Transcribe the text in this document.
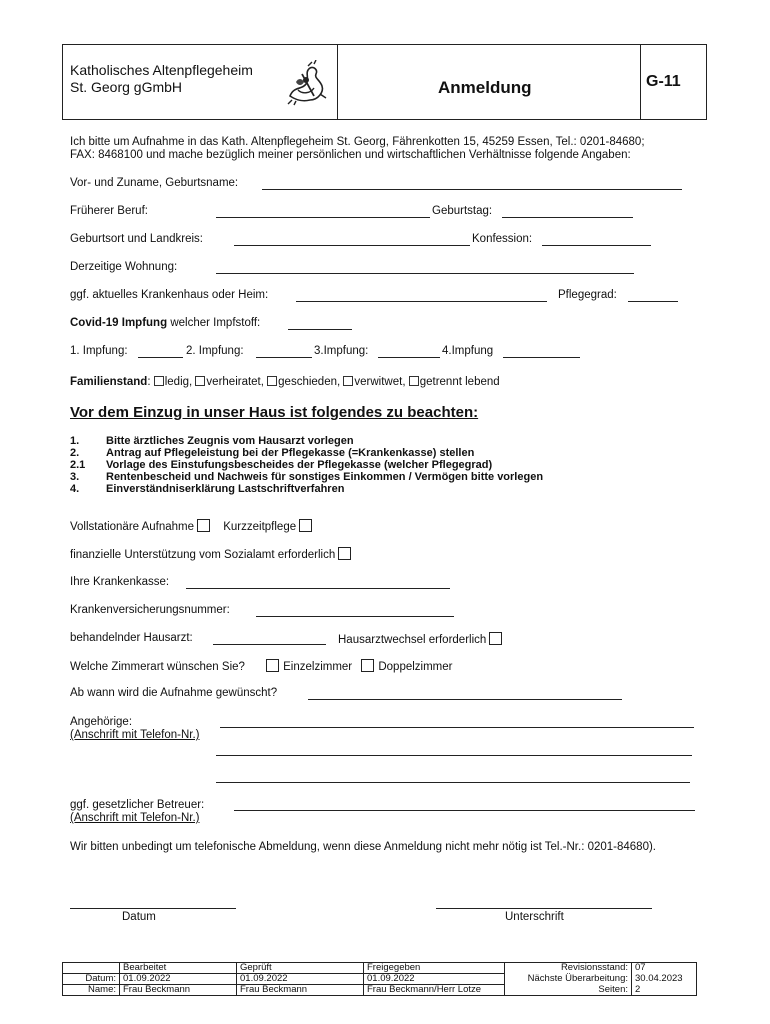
Katholisches Altenpflegeheim
St. Georg gGmbH	Anmeldung	G-11
Ich bitte um Aufnahme in das Kath. Altenpflegeheim St. Georg, Fährenkotten 15, 45259 Essen, Tel.: 0201-84680;
FAX: 8468100 und mache bezüglich meiner persönlichen und wirtschaftlichen Verhältnisse folgende Angaben:
Vor- und Zuname, Geburtsname:
Früherer Beruf:	Geburtstag:
Geburtsort und Landkreis:	Konfession:
Derzeitige Wohnung:
ggf. aktuelles Krankenhaus oder Heim:	Pflegegrad:
Covid-19 Impfung welcher Impfstoff:
1. Impfung:	2. Impfung:	3.Impfung:	4.Impfung
Familienstand: ledig, verheiratet, geschieden, verwitwet, getrennt lebend
Vor dem Einzug in unser Haus ist folgendes zu beachten:
1. Bitte ärztliches Zeugnis vom Hausarzt vorlegen
2. Antrag auf Pflegeleistung bei der Pflegekasse (=Krankenkasse) stellen
2.1 Vorlage des Einstufungsbescheides der Pflegekasse (welcher Pflegegrad)
3. Rentenbescheid und Nachweis für sonstiges Einkommen / Vermögen bitte vorlegen
4. Einverständniserklärung Lastschriftverfahren
Vollstationäre Aufnahme	Kurzzeitpflege
finanzielle Unterstützung vom Sozialamt erforderlich
Ihre Krankenkasse:
Krankenversicherungsnummer:
behandelnder Hausarzt:	Hausarztwechsel erforderlich
Welche Zimmerart wünschen Sie?	Einzelzimmer Doppelzimmer
Ab wann wird die Aufnahme gewünscht?
Angehörige:
(Anschrift mit Telefon-Nr.)
ggf. gesetzlicher Betreuer:
(Anschrift mit Telefon-Nr.)
Wir bitten unbedingt um telefonische Abmeldung, wenn diese Anmeldung nicht mehr nötig ist Tel.-Nr.: 0201-84680).
Datum	Unterschrift
	Bearbeitet	Geprüft	Freigegeben	Revisionsstand:	07
Datum:	01.09.2022	01.09.2022	01.09.2022	Nächste Überarbeitung:	30.04.2023
Name:	Frau Beckmann	Frau Beckmann	Frau Beckmann/Herr Lotze	Seiten:	2
